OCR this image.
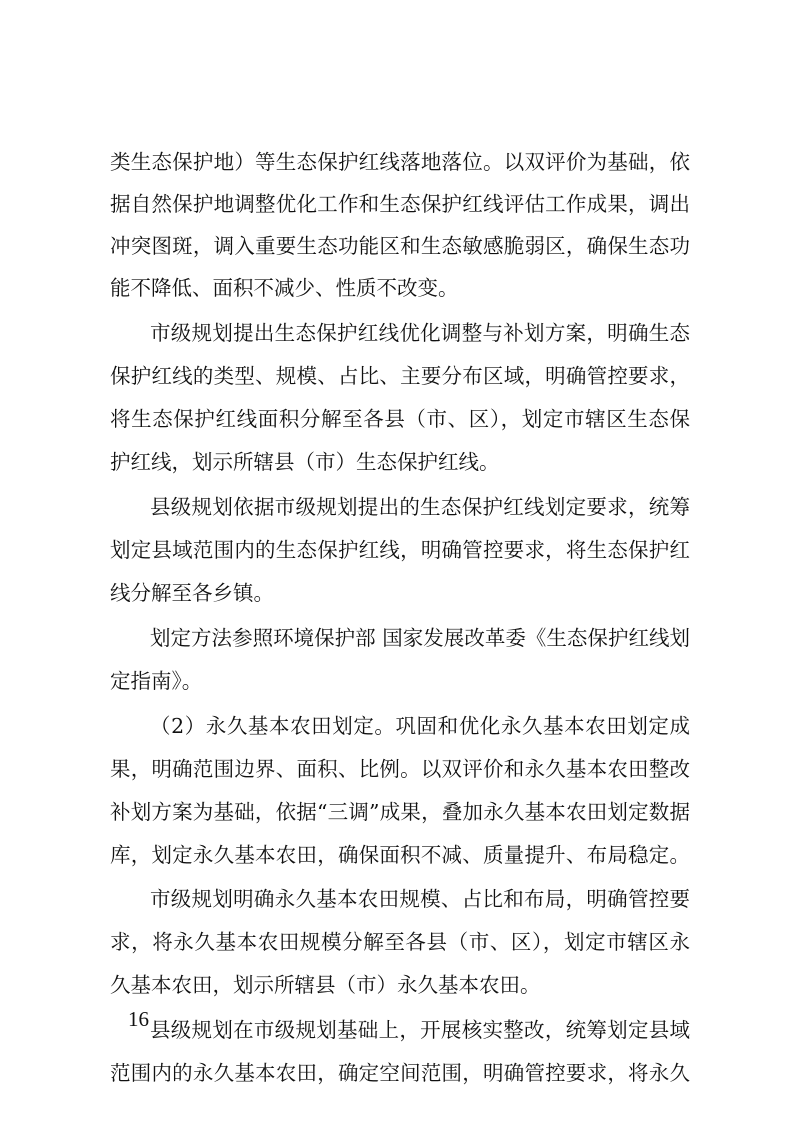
类生态保护地）等生态保护红线落地落位。以双评价为基础，依
据自然保护地调整优化工作和生态保护红线评估工作成果，调出
冲突图斑，调入重要生态功能区和生态敏感脆弱区，确保生态功
能不降低、面积不减少、性质不改变。
市级规划提出生态保护红线优化调整与补划方案，明确生态
保护红线的类型、规模、占比、主要分布区域，明确管控要求，
将生态保护红线面积分解至各县（市、区），划定市辖区生态保
护红线，划示所辖县（市）生态保护红线。
县级规划依据市级规划提出的生态保护红线划定要求，统筹
划定县域范围内的生态保护红线，明确管控要求，将生态保护红
线分解至各乡镇。
划定方法参照环境保护部 国家发展改革委《生态保护红线划
定指南》。
（2）永久基本农田划定。巩固和优化永久基本农田划定成
果，明确范围边界、面积、比例。以双评价和永久基本农田整改
补划方案为基础，依据“三调”成果，叠加永久基本农田划定数据
库，划定永久基本农田，确保面积不减、质量提升、布局稳定。
市级规划明确永久基本农田规模、占比和布局，明确管控要
求，将永久基本农田规模分解至各县（市、区），划定市辖区永
久基本农田，划示所辖县（市）永久基本农田。
县级规划在市级规划基础上，开展核实整改，统筹划定县域
范围内的永久基本农田，确定空间范围，明确管控要求，将永久
16
